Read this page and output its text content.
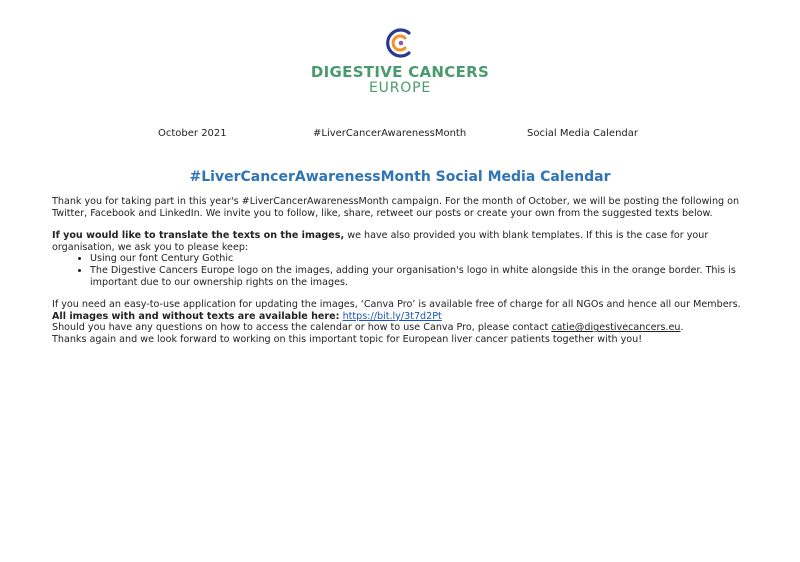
DIGESTIVE CANCERS
EUROPE
October 2021	#LiverCancerAwarenessMonth	Social Media Calendar
#LiverCancerAwarenessMonth Social Media Calendar

Thank you for taking part in this year's #LiverCancerAwarenessMonth campaign. For the month of October, we will be posting the following on Twitter, Facebook and LinkedIn. We invite you to follow, like, share, retweet our posts or create your own from the suggested texts below.

If you would like to translate the texts on the images, we have also provided you with blank templates. If this is the case for your organisation, we ask you to please keep:

• Using our font Century Gothic
• The Digestive Cancers Europe logo on the images, adding your organisation's logo in white alongside this in the orange border. This is important due to our ownership rights on the images.

If you need an easy-to-use application for updating the images, ‘Canva Pro’ is available free of charge for all NGOs and hence all our Members.

All images with and without texts are available here: https://bit.ly/3t7d2Pt

Should you have any questions on how to access the calendar or how to use Canva Pro, please contact catie@digestivecancers.eu.

Thanks again and we look forward to working on this important topic for European liver cancer patients together with you!
